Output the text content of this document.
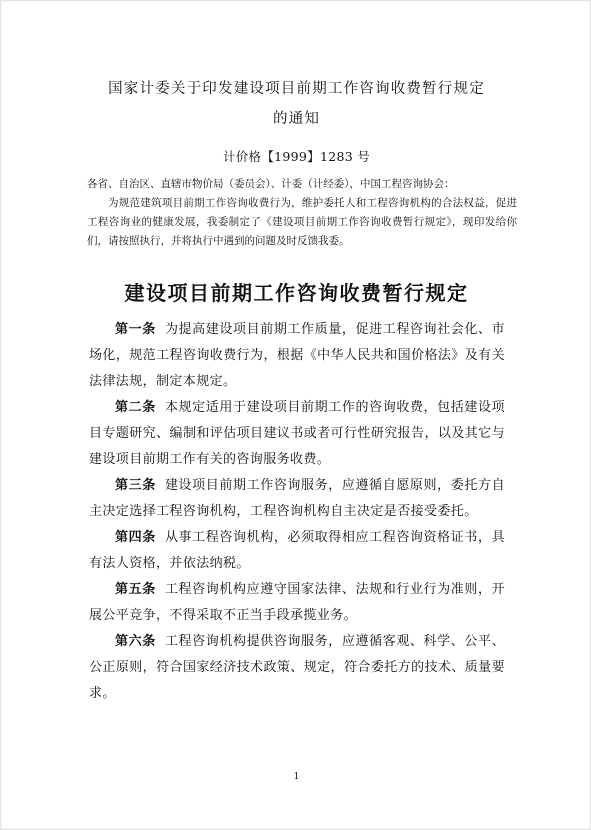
国家计委关于印发建设项目前期工作咨询收费暂行规定
的通知
计价格【1999】1283 号
各省、自治区、直辖市物价局（委员会）、计委（计经委），中国工程咨询协会：

为规范建筑项目前期工作咨询收费行为，维护委托人和工程咨询机构的合法权益，促进工程咨询业的健康发展，我委制定了《建设项目前期工作咨询收费暂行规定》，现印发给你们，请按照执行，并将执行中遇到的问题及时反馈我委。

建设项目前期工作咨询收费暂行规定

第一条 为提高建设项目前期工作质量，促进工程咨询社会化、市场化，规范工程咨询收费行为，根据《中华人民共和国价格法》及有关法律法规，制定本规定。

第二条 本规定适用于建设项目前期工作的咨询收费，包括建设项目专题研究、编制和评估项目建议书或者可行性研究报告，以及其它与建设项目前期工作有关的咨询服务收费。

第三条 建设项目前期工作咨询服务，应遵循自愿原则，委托方自主决定选择工程咨询机构，工程咨询机构自主决定是否接受委托。

第四条 从事工程咨询机构，必须取得相应工程咨询资格证书，具有法人资格，并依法纳税。

第五条 工程咨询机构应遵守国家法律、法规和行业行为准则，开展公平竞争，不得采取不正当手段承揽业务。

第六条 工程咨询机构提供咨询服务，应遵循客观、科学、公平、公正原则，符合国家经济技术政策、规定，符合委托方的技术、质量要求。

1
